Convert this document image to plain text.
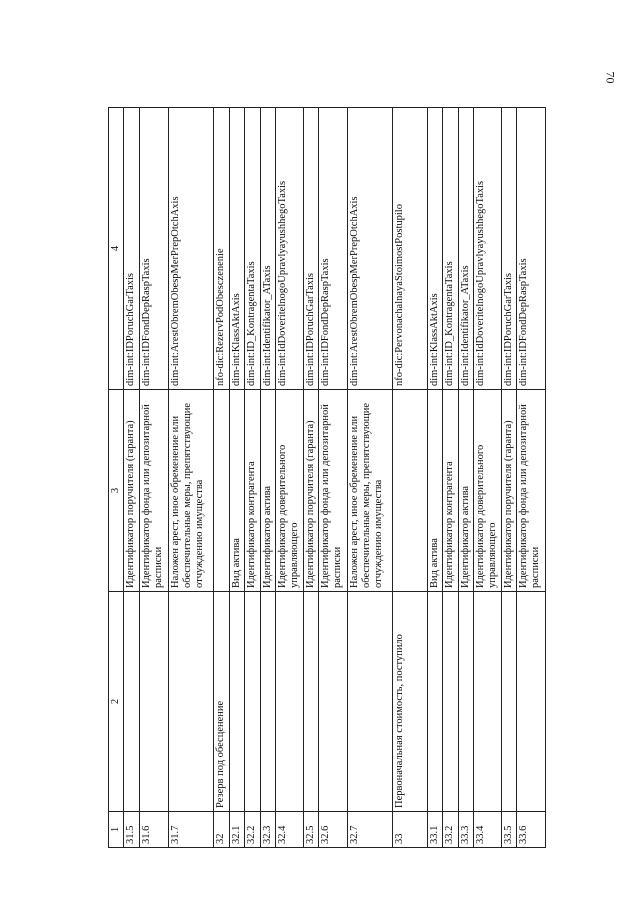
70
1	2	3	4
31.5		Идентификатор поручителя (гаранта)	dim-int:IDPoruchGarTaxis
31.6		Идентификатор фонда или депозитарной расписки	dim-int:IDFondDepRaspTaxis
31.7		Наложен арест, иное обременение или обеспечительные меры, препятствующие отчуждению имущества	dim-int:ArestObremObespMerPrepOtchAxis
32	Резерв под обесценение		nfo-dic:RezervPodObesczenenie
32.1		Вид актива	dim-int:KlassAktAxis
32.2		Идентификатор контрагента	dim-int:ID_KontragentaTaxis
32.3		Идентификатор актива	dim-int:Identifikator_ATaxis
32.4		Идентификатор доверительного управляющего	dim-int:IdDoveritelnogoUpravlyayushhegoTaxis
32.5		Идентификатор поручителя (гаранта)	dim-int:IDPoruchGarTaxis
32.6		Идентификатор фонда или депозитарной расписки	dim-int:IDFondDepRaspTaxis
32.7		Наложен арест, иное обременение или обеспечительные меры, препятствующие отчуждению имущества	dim-int:ArestObremObespMerPrepOtchAxis
33	Первоначальная стоимость, поступило		nfo-dic:PervonachalnayaStoimostPostupilo
33.1		Вид актива	dim-int:KlassAktAxis
33.2		Идентификатор контрагента	dim-int:ID_KontragentaTaxis
33.3		Идентификатор актива	dim-int:Identifikator_ATaxis
33.4		Идентификатор доверительного управляющего	dim-int:IdDoveritelnogoUpravlyayushhegoTaxis
33.5		Идентификатор поручителя (гаранта)	dim-int:IDPoruchGarTaxis
33.6		Идентификатор фонда или депозитарной расписки	dim-int:IDFondDepRaspTaxis
